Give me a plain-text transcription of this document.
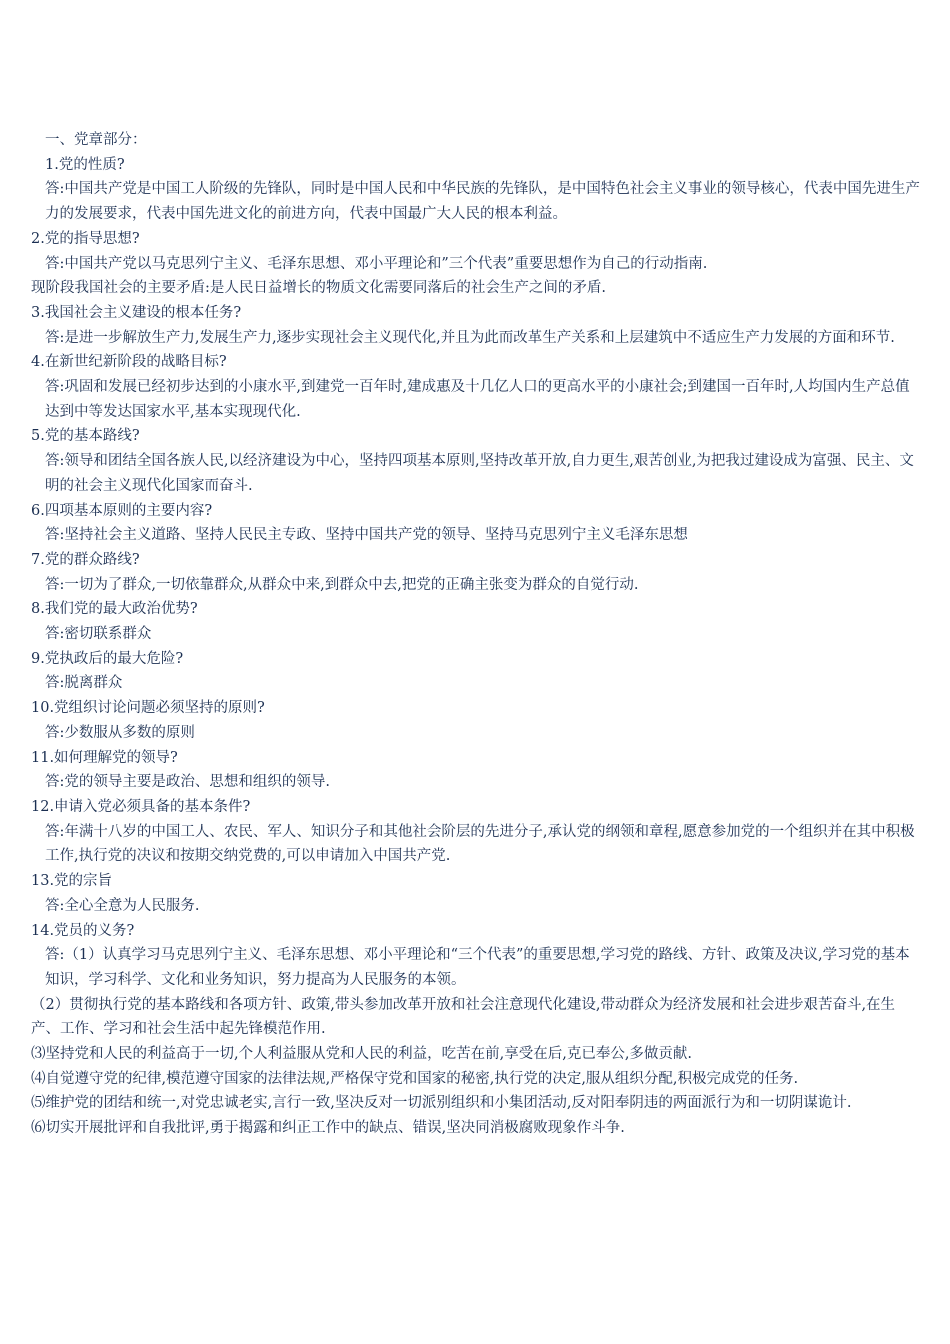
一、党章部分：
1.党的性质?
答:中国共产党是中国工人阶级的先锋队，同时是中国人民和中华民族的先锋队，是中国特色社会主义事业的领导核心，代表中国先进生产力的发展要求，代表中国先进文化的前进方向，代表中国最广大人民的根本利益。
2.党的指导思想?
答:中国共产党以马克思列宁主义、毛泽东思想、邓小平理论和”三个代表”重要思想作为自己的行动指南.
现阶段我国社会的主要矛盾:是人民日益增长的物质文化需要同落后的社会生产之间的矛盾.
3.我国社会主义建设的根本任务?
答:是进一步解放生产力,发展生产力,逐步实现社会主义现代化,并且为此而改革生产关系和上层建筑中不适应生产力发展的方面和环节.
4.在新世纪新阶段的战略目标?
答:巩固和发展已经初步达到的小康水平,到建党一百年时,建成惠及十几亿人口的更高水平的小康社会;到建国一百年时,人均国内生产总值达到中等发达国家水平,基本实现现代化.
5.党的基本路线?
答:领导和团结全国各族人民,以经济建设为中心，坚持四项基本原则,坚持改革开放,自力更生,艰苦创业,为把我过建设成为富强、民主、文明的社会主义现代化国家而奋斗.
6.四项基本原则的主要内容?
答:坚持社会主义道路、坚持人民民主专政、坚持中国共产党的领导、坚持马克思列宁主义毛泽东思想
7.党的群众路线?
答:一切为了群众,一切依靠群众,从群众中来,到群众中去,把党的正确主张变为群众的自觉行动.
8.我们党的最大政治优势?
答:密切联系群众
9.党执政后的最大危险?
答:脱离群众
10.党组织讨论问题必须坚持的原则?
答:少数服从多数的原则
11.如何理解党的领导?
答:党的领导主要是政治、思想和组织的领导.
12.申请入党必须具备的基本条件?
答:年满十八岁的中国工人、农民、军人、知识分子和其他社会阶层的先进分子,承认党的纲领和章程,愿意参加党的一个组织并在其中积极工作,执行党的决议和按期交纳党费的,可以申请加入中国共产党.
13.党的宗旨
答:全心全意为人民服务.
14.党员的义务?
答:（1）认真学习马克思列宁主义、毛泽东思想、邓小平理论和“三个代表”的重要思想,学习党的路线、方针、政策及决议,学习党的基本知识，学习科学、文化和业务知识，努力提高为人民服务的本领。
（2）贯彻执行党的基本路线和各项方针、政策,带头参加改革开放和社会注意现代化建设,带动群众为经济发展和社会进步艰苦奋斗,在生产、工作、学习和社会生活中起先锋模范作用.
⑶坚持党和人民的利益高于一切,个人利益服从党和人民的利益，吃苦在前,享受在后,克已奉公,多做贡献.
⑷自觉遵守党的纪律,模范遵守国家的法律法规,严格保守党和国家的秘密,执行党的决定,服从组织分配,积极完成党的任务.
⑸维护党的团结和统一,对党忠诚老实,言行一致,坚决反对一切派别组织和小集团活动,反对阳奉阴违的两面派行为和一切阴谋诡计.
⑹切实开展批评和自我批评,勇于揭露和纠正工作中的缺点、错误,坚决同消极腐败现象作斗争.
